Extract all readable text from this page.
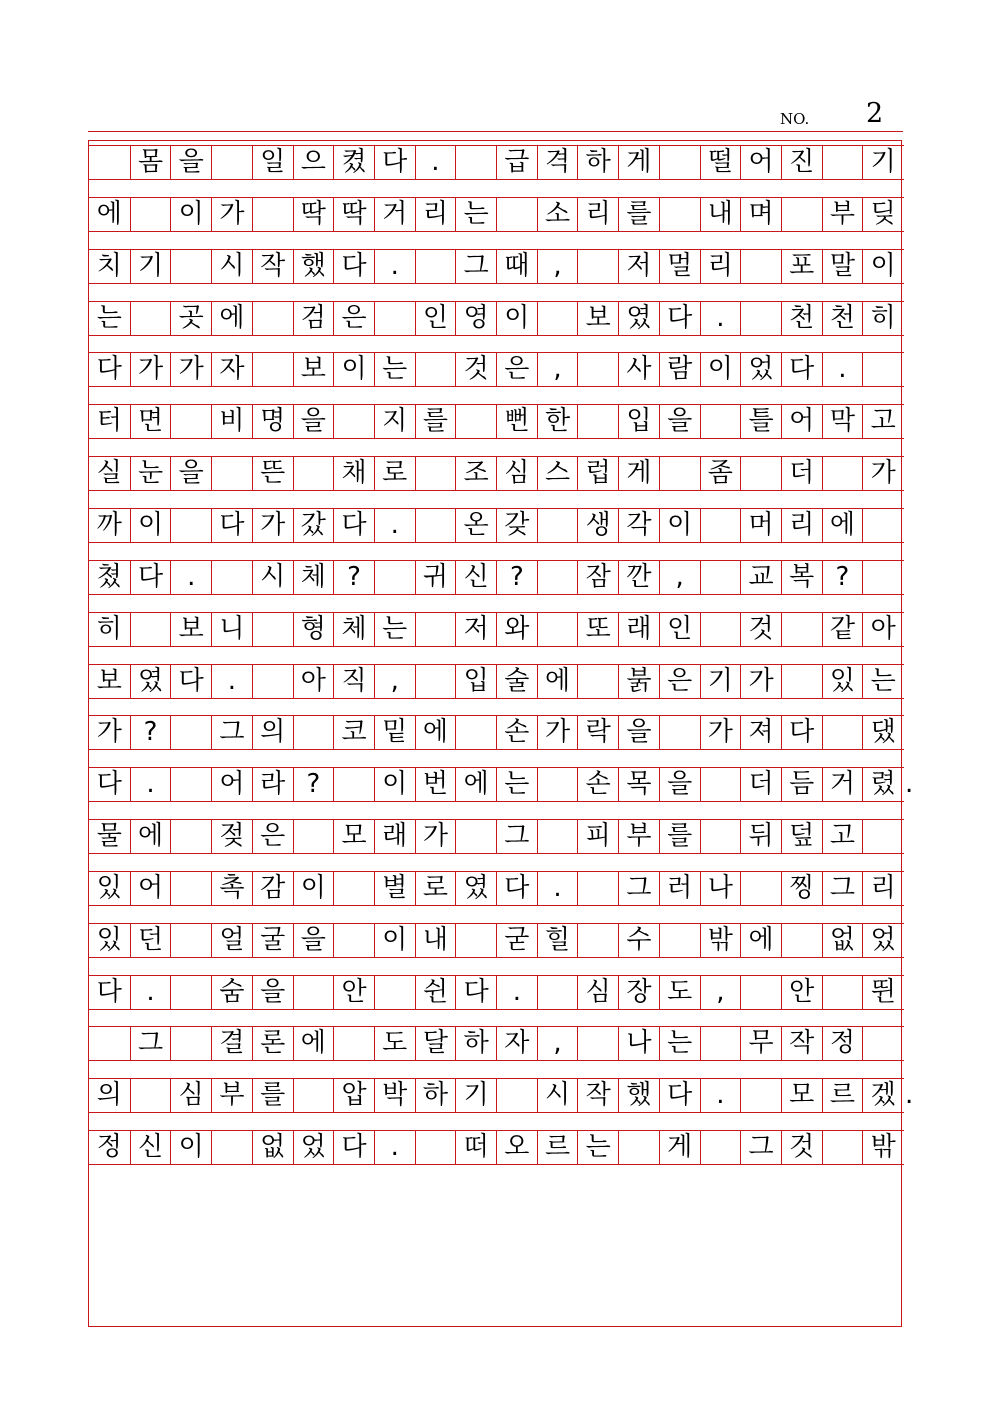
NO. 2
몸 을	일 으 켰 다 .	급 격 하 게	떨 어 진	기
에	이 가	딱 딱 거 리 는	소 리 를	내 며	부 딪
치 기	시 작 했 다 .	그 때 ,	저 멀 리	포 말 이
는	곳 에	검 은	인 영 이	보 였 다 .	천 천 히
다 가 가 자	보 이 는	것 은 ,	사 람 이 었 다 .
터 면	비 명 을	지 를	뻔 한	입 을	틀 어 막 고
실 눈 을	뜬	채 로	조 심 스 럽 게	좀	더	가
까 이	다 가 갔 다 .	온 갖	생 각 이	머 리 에
쳤 다 .	시 체 ?	귀 신 ?	잠 깐 ,	교 복 ?
히	보 니	형 체 는	저 와	또 래 인	것	같 아
보 였 다 .	아 직 ,	입 술 에	붉 은 기 가	있 는
가 ?	그 의	코 밑 에	손 가 락 을	가 져 다	댔
다 .	어 라 ?	이 번 에 는	손 목 을	더 듬 거 렸 .
물 에	젖 은	모 래 가	그	피 부 를	뒤 덮 고
있 어	촉 감 이	별 로 였 다 .	그 러 나	찡 그 리
있 던	얼 굴 을	이 내	굳 힐	수	밖 에	없 었
다 .	숨 을	안	쉰 다 .	심 장 도 ,	안	뛴
그	결 론 에	도 달 하 자 ,	나 는	무 작 정
의	심 부 를	압 박 하 기	시 작 했 다 .	모 르 겠 .
정 신 이	없 었 다 .	떠 오 르 는	게	그 것	밖
